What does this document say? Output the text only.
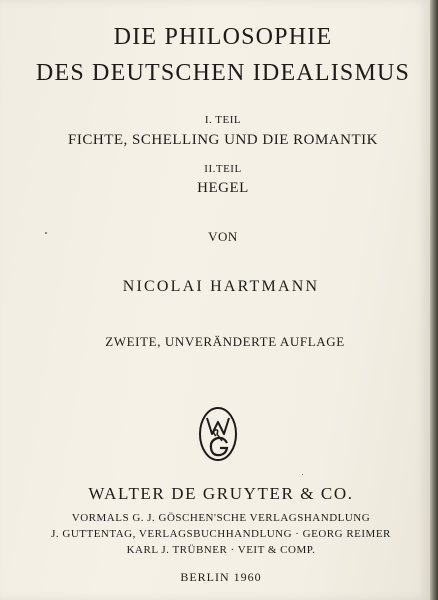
DIE PHILOSOPHIE
DES DEUTSCHEN IDEALISMUS
I. TEIL
FICHTE, SCHELLING UND DIE ROMANTIK
II.TEIL
HEGEL
VON
NICOLAI HARTMANN
ZWEITE, UNVERÄNDERTE AUFLAGE
WALTER DE GRUYTER & CO.
VORMALS G. J. GÖSCHEN'SCHE VERLAGSHANDLUNG
J. GUTTENTAG, VERLAGSBUCHHANDLUNG · GEORG REIMER
KARL J. TRÜBNER · VEIT & COMP.
BERLIN 1960
